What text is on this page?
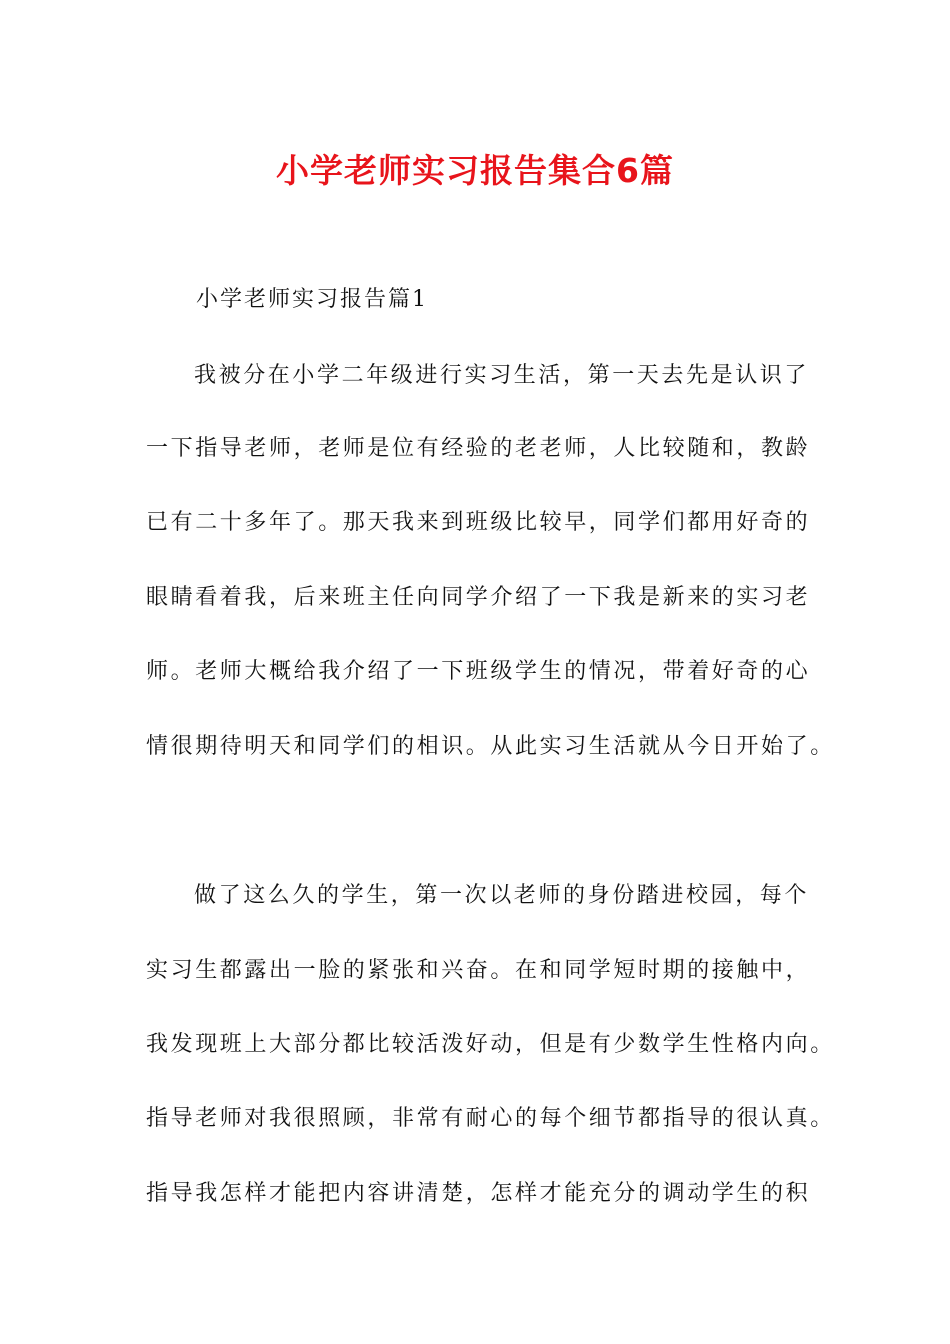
小学老师实习报告集合6篇
小学老师实习报告篇1
我被分在小学二年级进行实习生活，第一天去先是认识了
一下指导老师，老师是位有经验的老老师，人比较随和，教龄
已有二十多年了。那天我来到班级比较早，同学们都用好奇的
眼睛看着我，后来班主任向同学介绍了一下我是新来的实习老
师。老师大概给我介绍了一下班级学生的情况，带着好奇的心
情很期待明天和同学们的相识。从此实习生活就从今日开始了。
做了这么久的学生，第一次以老师的身份踏进校园，每个
实习生都露出一脸的紧张和兴奋。在和同学短时期的接触中，
我发现班上大部分都比较活泼好动，但是有少数学生性格内向。
指导老师对我很照顾，非常有耐心的每个细节都指导的很认真。
指导我怎样才能把内容讲清楚，怎样才能充分的调动学生的积
